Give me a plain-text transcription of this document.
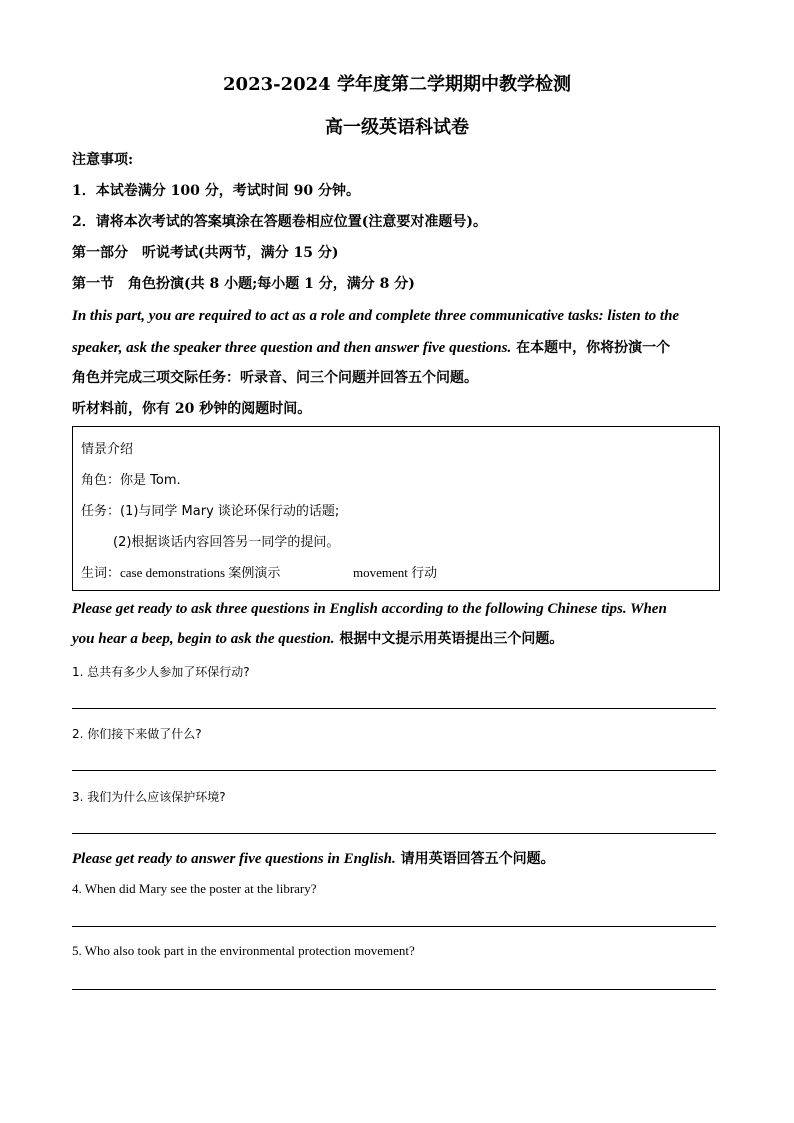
2023-2024 学年度第二学期期中教学检测
高一级英语科试卷
注意事项:
1．本试卷满分 100 分，考试时间 90 分钟。
2．请将本次考试的答案填涂在答题卷相应位置(注意要对准题号)。
第一部分　听说考试(共两节，满分 15 分)
第一节　角色扮演(共 8 小题;每小题 1 分，满分 8 分)
In this part, you are required to act as a role and complete three communicative tasks: listen to the
speaker, ask the speaker three question and then answer five questions. 在本题中，你将扮演一个
角色并完成三项交际任务：听录音、问三个问题并回答五个问题。
听材料前，你有 20 秒钟的阅题时间。
情景介绍
角色：你是 Tom.
任务：(1)与同学 Mary 谈论环保行动的话题;
(2)根据谈话内容回答另一同学的提问。
生词：case demonstrations 案例演示	movement 行动
Please get ready to ask three questions in English according to the following Chinese tips. When
you hear a beep, begin to ask the question. 根据中文提示用英语提出三个问题。
1. 总共有多少人参加了环保行动?
2. 你们接下来做了什么?
3. 我们为什么应该保护环境?
Please get ready to answer five questions in English. 请用英语回答五个问题。
4. When did Mary see the poster at the library?
5. Who also took part in the environmental protection movement?
